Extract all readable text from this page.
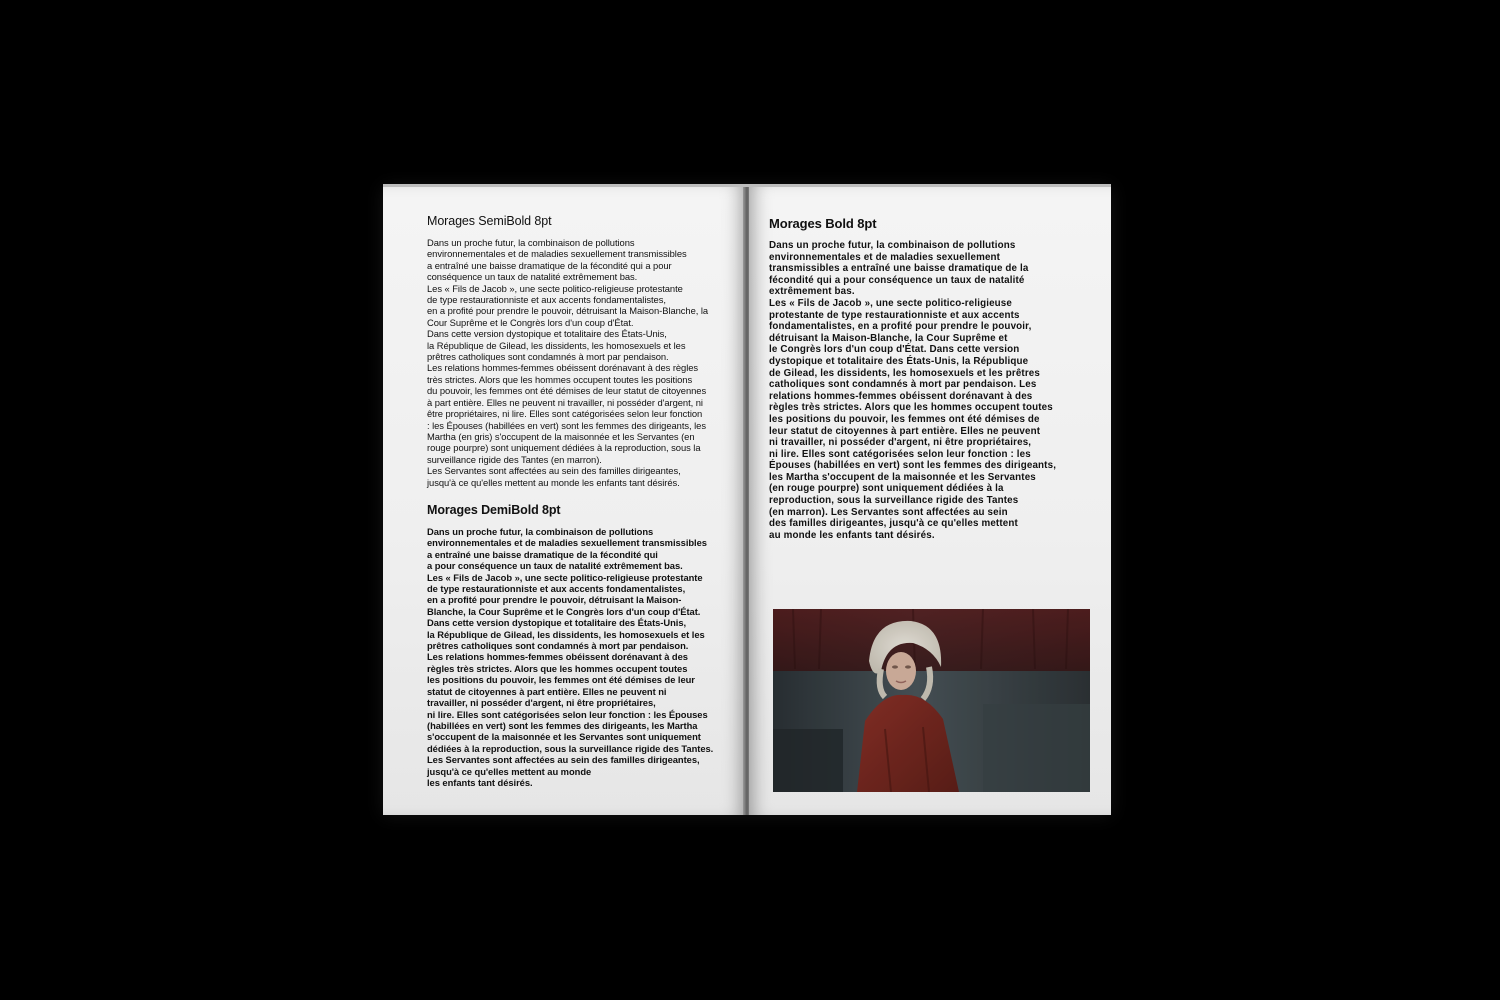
Morages SemiBold 8pt
Dans un proche futur, la combinaison de pollutions
environnementales et de maladies sexuellement transmissibles
a entraîné une baisse dramatique de la fécondité qui a pour
conséquence un taux de natalité extrêmement bas.
Les « Fils de Jacob », une secte politico-religieuse protestante
de type restaurationniste et aux accents fondamentalistes,
en a profité pour prendre le pouvoir, détruisant la Maison-Blanche, la
Cour Suprême et le Congrès lors d'un coup d'État.
Dans cette version dystopique et totalitaire des États-Unis,
la République de Gilead, les dissidents, les homosexuels et les
prêtres catholiques sont condamnés à mort par pendaison.
Les relations hommes-femmes obéissent dorénavant à des règles
très strictes. Alors que les hommes occupent toutes les positions
du pouvoir, les femmes ont été démises de leur statut de citoyennes
à part entière. Elles ne peuvent ni travailler, ni posséder d'argent, ni
être propriétaires, ni lire. Elles sont catégorisées selon leur fonction
: les Épouses (habillées en vert) sont les femmes des dirigeants, les
Martha (en gris) s'occupent de la maisonnée et les Servantes (en
rouge pourpre) sont uniquement dédiées à la reproduction, sous la
surveillance rigide des Tantes (en marron).
Les Servantes sont affectées au sein des familles dirigeantes,
jusqu'à ce qu'elles mettent au monde les enfants tant désirés.
Morages DemiBold 8pt
Dans un proche futur, la combinaison de pollutions
environnementales et de maladies sexuellement transmissibles
a entraîné une baisse dramatique de la fécondité qui
a pour conséquence un taux de natalité extrêmement bas.
Les « Fils de Jacob », une secte politico-religieuse protestante
de type restaurationniste et aux accents fondamentalistes,
en a profité pour prendre le pouvoir, détruisant la Maison-
Blanche, la Cour Suprême et le Congrès lors d'un coup d'État.
Dans cette version dystopique et totalitaire des États-Unis,
la République de Gilead, les dissidents, les homosexuels et les
prêtres catholiques sont condamnés à mort par pendaison.
Les relations hommes-femmes obéissent dorénavant à des
règles très strictes. Alors que les hommes occupent toutes
les positions du pouvoir, les femmes ont été démises de leur
statut de citoyennes à part entière. Elles ne peuvent ni
travailler, ni posséder d'argent, ni être propriétaires,
ni lire. Elles sont catégorisées selon leur fonction : les Épouses
(habillées en vert) sont les femmes des dirigeants, les Martha
s'occupent de la maisonnée et les Servantes sont uniquement
dédiées à la reproduction, sous la surveillance rigide des Tantes.
Les Servantes sont affectées au sein des familles dirigeantes,
jusqu'à ce qu'elles mettent au monde
les enfants tant désirés.
Morages Bold 8pt
Dans un proche futur, la combinaison de pollutions
environnementales et de maladies sexuellement
transmissibles a entraîné une baisse dramatique de la
fécondité qui a pour conséquence un taux de natalité
extrêmement bas.
Les « Fils de Jacob », une secte politico-religieuse
protestante de type restaurationniste et aux accents
fondamentalistes, en a profité pour prendre le pouvoir,
détruisant la Maison-Blanche, la Cour Suprême et
le Congrès lors d'un coup d'État. Dans cette version
dystopique et totalitaire des États-Unis, la République
de Gilead, les dissidents, les homosexuels et les prêtres
catholiques sont condamnés à mort par pendaison. Les
relations hommes-femmes obéissent dorénavant à des
règles très strictes. Alors que les hommes occupent toutes
les positions du pouvoir, les femmes ont été démises de
leur statut de citoyennes à part entière. Elles ne peuvent
ni travailler, ni posséder d'argent, ni être propriétaires,
ni lire. Elles sont catégorisées selon leur fonction : les
Épouses (habillées en vert) sont les femmes des dirigeants,
les Martha s'occupent de la maisonnée et les Servantes
(en rouge pourpre) sont uniquement dédiées à la
reproduction, sous la surveillance rigide des Tantes
(en marron). Les Servantes sont affectées au sein
des familles dirigeantes, jusqu'à ce qu'elles mettent
au monde les enfants tant désirés.
